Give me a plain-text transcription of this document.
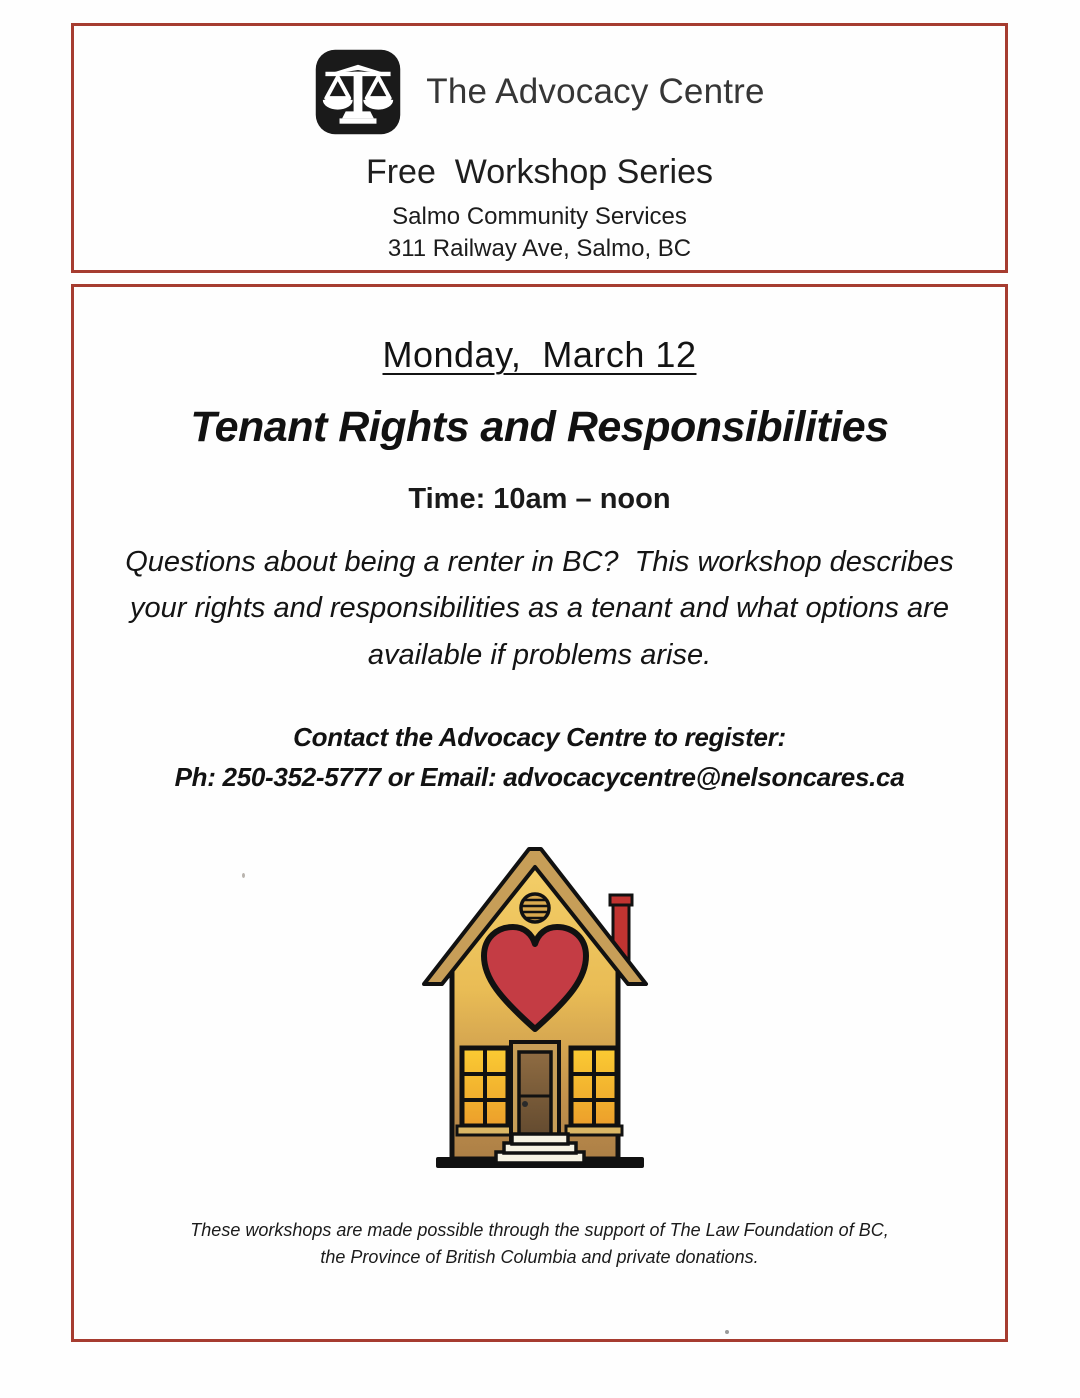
The Advocacy Centre
Free  Workshop Series
Salmo Community Services
311 Railway Ave, Salmo, BC
Monday,  March 12
Tenant Rights and Responsibilities
Time: 10am – noon
Questions about being a renter in BC?  This workshop describes
your rights and responsibilities as a tenant and what options are
available if problems arise.
Contact the Advocacy Centre to register:
Ph: 250-352-5777 or Email: advocacycentre@nelsoncares.ca
These workshops are made possible through the support of The Law Foundation of BC,
the Province of British Columbia and private donations.
